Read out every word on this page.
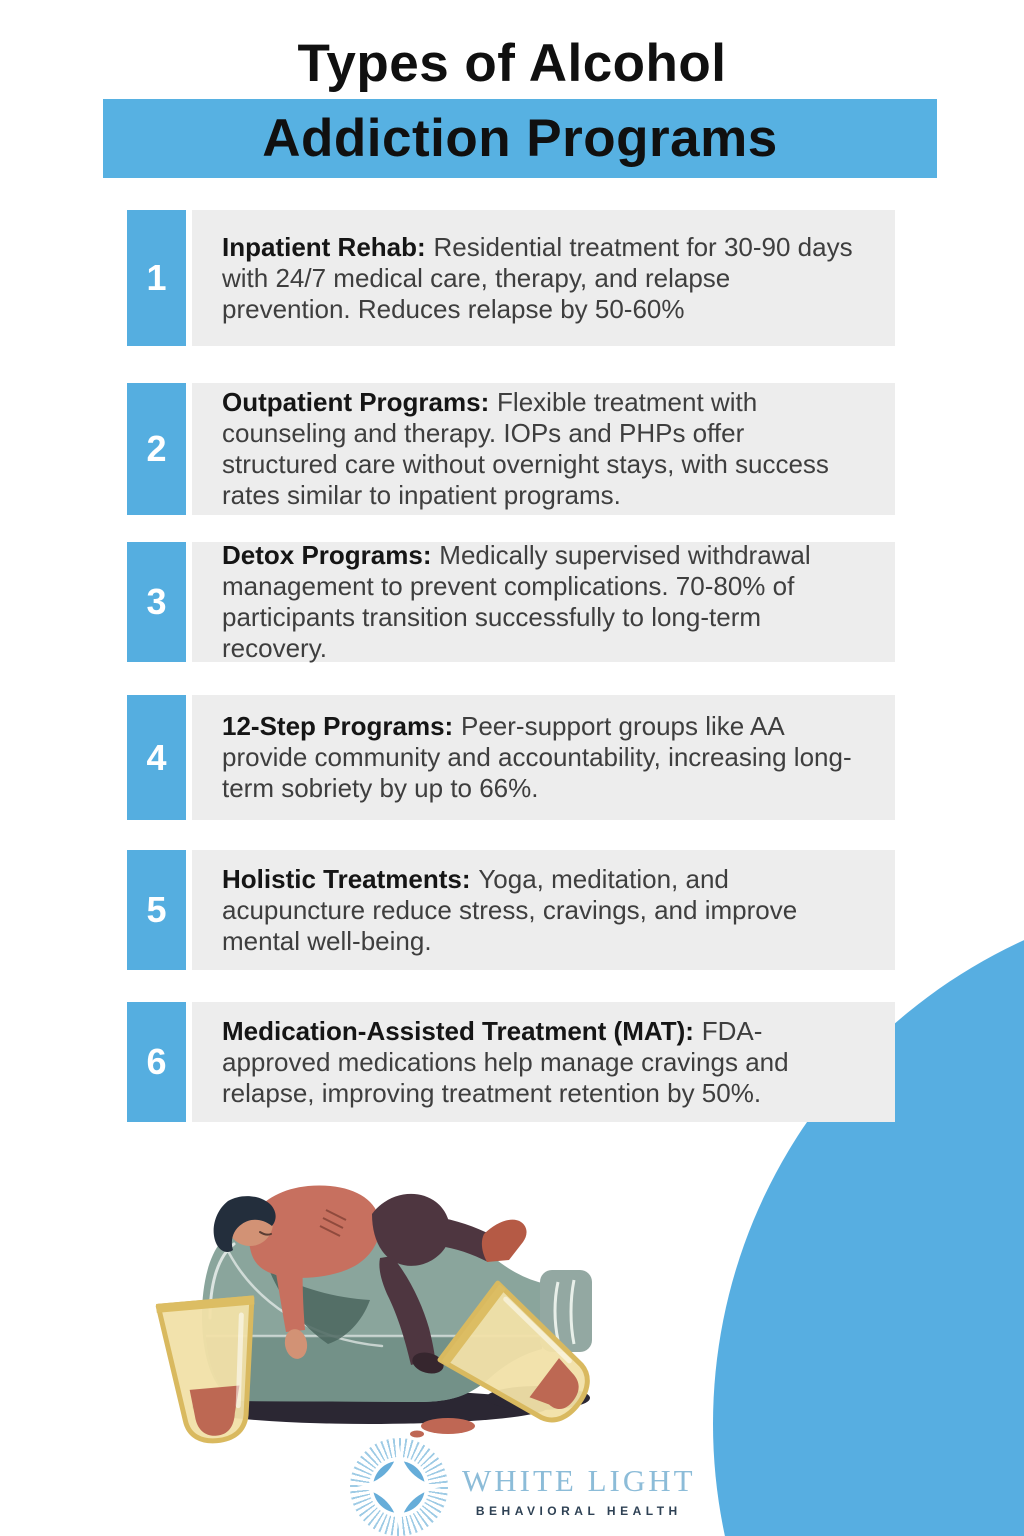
Types of Alcohol
Addiction Programs
1

Inpatient Rehab: Residential treatment for 30-90 days with 24/7 medical care, therapy, and relapse prevention. Reduces relapse by 50-60%

2

Outpatient Programs: Flexible treatment with counseling and therapy. IOPs and PHPs offer structured care without overnight stays, with success rates similar to inpatient programs.

3

Detox Programs: Medically supervised withdrawal management to prevent complications. 70-80% of participants transition successfully to long-term recovery.

4

12-Step Programs: Peer-support groups like AA provide community and accountability, increasing long-term sobriety by up to 66%.

5

Holistic Treatments: Yoga, meditation, and acupuncture reduce stress, cravings, and improve mental well-being.

6

Medication-Assisted Treatment (MAT): FDA-approved medications help manage cravings and relapse, improving treatment retention by 50%.

WHITE LIGHT
BEHAVIORAL HEALTH
